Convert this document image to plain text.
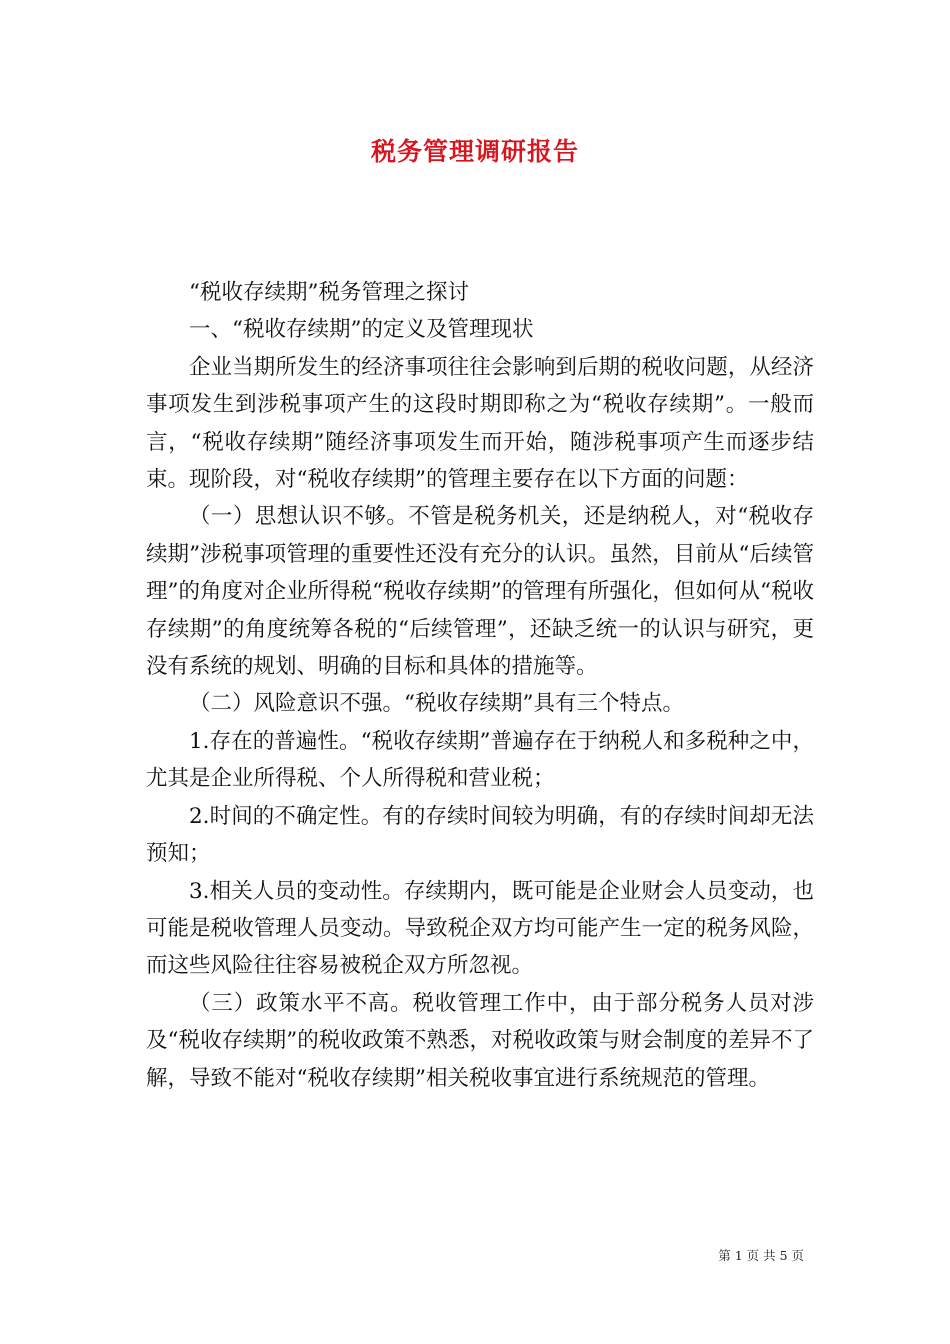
税务管理调研报告

“税收存续期”税务管理之探讨

一、“税收存续期”的定义及管理现状

企业当期所发生的经济事项往往会影响到后期的税收问题，从经济事项发生到涉税事项产生的这段时期即称之为“税收存续期”。一般而言，“税收存续期”随经济事项发生而开始，随涉税事项产生而逐步结束。现阶段，对“税收存续期”的管理主要存在以下方面的问题：

（一）思想认识不够。不管是税务机关，还是纳税人，对“税收存续期”涉税事项管理的重要性还没有充分的认识。虽然，目前从“后续管理”的角度对企业所得税“税收存续期”的管理有所强化，但如何从“税收存续期”的角度统筹各税的“后续管理”，还缺乏统一的认识与研究，更没有系统的规划、明确的目标和具体的措施等。

（二）风险意识不强。“税收存续期”具有三个特点。

1.存在的普遍性。“税收存续期”普遍存在于纳税人和多税种之中，尤其是企业所得税、个人所得税和营业税；

2.时间的不确定性。有的存续时间较为明确，有的存续时间却无法预知；

3.相关人员的变动性。存续期内，既可能是企业财会人员变动，也可能是税收管理人员变动。导致税企双方均可能产生一定的税务风险，而这些风险往往容易被税企双方所忽视。

（三）政策水平不高。税收管理工作中，由于部分税务人员对涉及“税收存续期”的税收政策不熟悉，对税收政策与财会制度的差异不了解，导致不能对“税收存续期”相关税收事宜进行系统规范的管理。

第 1 页 共 5 页
